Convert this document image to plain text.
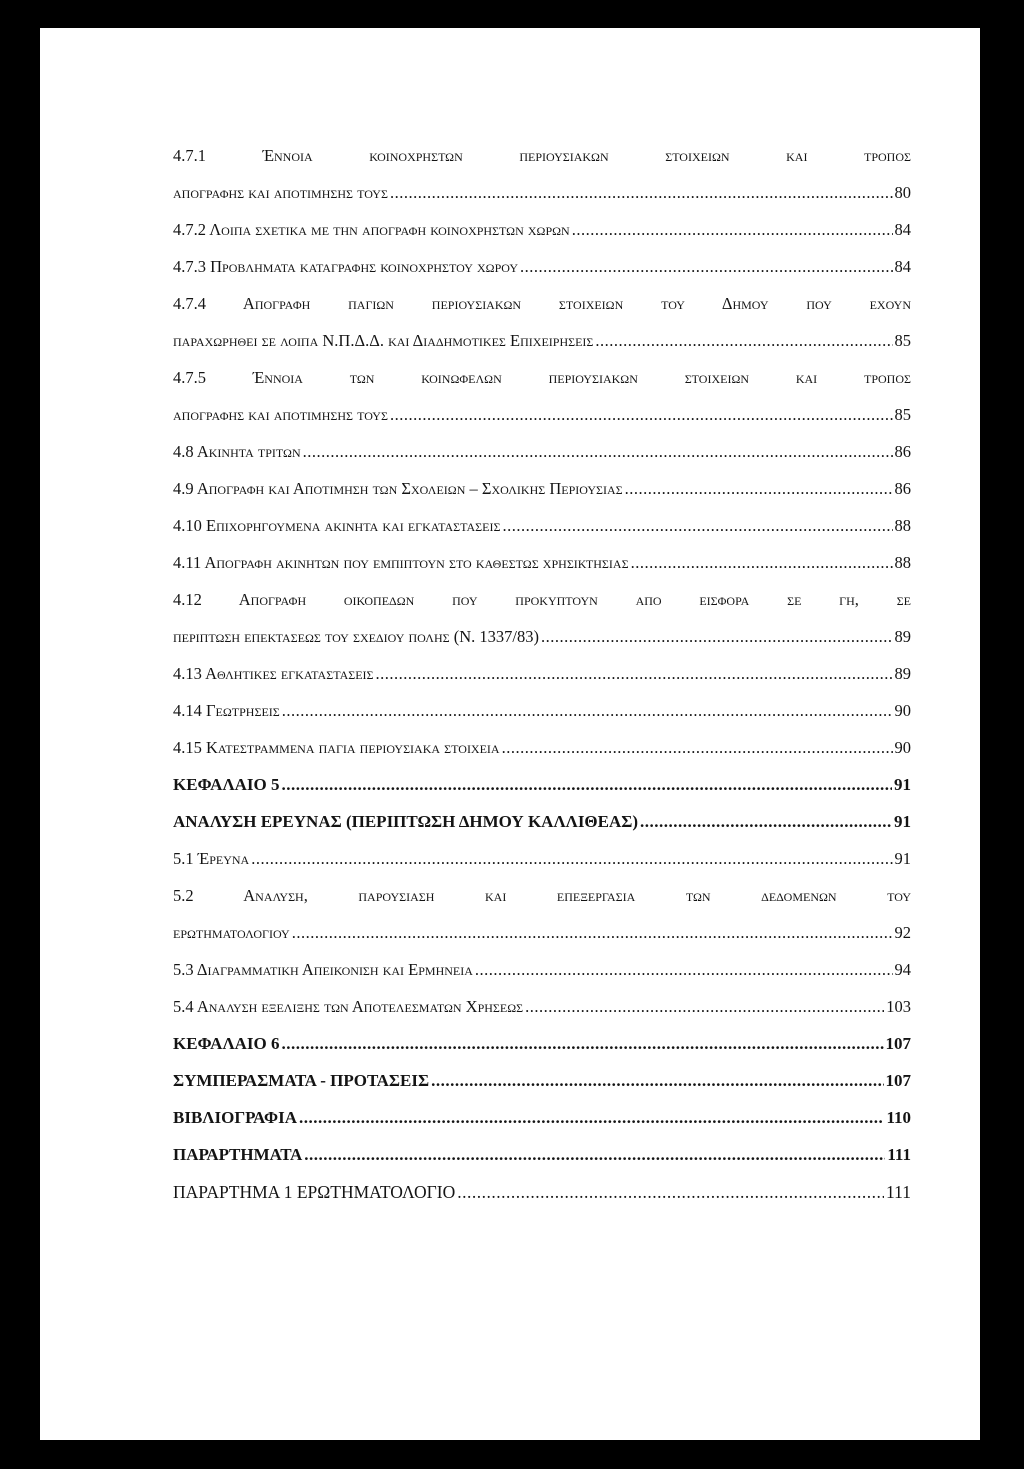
4.7.1 Έννοια κοινοχρηστων περιουσιακων στοιχειων και τροπος
απογραφης και αποτιμησης τους .....	80
4.7.2 Λοιπα σχετικα με την απογραφη κοινοχρηστων χωρων .....	84
4.7.3 Προβληματα καταγραφης κοινοχρηστου χωρου .....	84
4.7.4 Απογραφη παγιων περιουσιακων στοιχειων του Δημου που εχουν
παραχωρηθει σε λοιπα Ν.Π.Δ.Δ. και Διαδημοτικες Επιχειρησεις .....	85
4.7.5 Έννοια των κοινωφελων περιουσιακων στοιχειων και τροπος
απογραφης και αποτιμησης τους .....	85
4.8 Ακινητα τριτων .....	86
4.9 Απογραφη και Αποτιμηση των Σχολειων – Σχολικης Περιουσιας .....	86
4.10 Επιχορηγουμενα ακινητα και εγκαταστασεις .....	88
4.11 Απογραφη ακινητων που εμπιπτουν στο καθεστως χρησικτησιας .....	88
4.12 Απογραφη οικοπεδων που προκυπτουν απο εισφορα σε γη, σε
περιπτωση επεκτασεως του σχεδιου πολης (Ν. 1337/83) .....	89
4.13 Αθλητικες εγκαταστασεις .....	89
4.14 Γεωτρησεις .....	90
4.15 Κατεστραμμενα παγια περιουσιακα στοιχεια .....	90
ΚΕΦΑΛΑΙΟ 5 .....	91
ΑΝΑΛΥΣΗ ΕΡΕΥΝΑΣ (ΠΕΡΙΠΤΩΣΗ ΔΗΜΟΥ ΚΑΛΛΙΘΕΑΣ) .....	91
5.1 Έρευνα .....	91
5.2 Αναλυση, παρουσιαση και επεξεργασια των δεδομενων του
ερωτηματολογιου .....	92
5.3 Διαγραμματικη Απεικονιση και Ερμηνεια .....	94
5.4 Αναλυση εξελιξης των Αποτελεσματων Χρησεως .....	103
ΚΕΦΑΛΑΙΟ 6 .....	107
ΣΥΜΠΕΡΑΣΜΑΤΑ - ΠΡΟΤΑΣΕΙΣ .....	107
ΒΙΒΛΙΟΓΡΑΦΙΑ .....	110
ΠΑΡΑΡΤΗΜΑΤΑ .....	111
ΠΑΡΑΡΤΗΜΑ 1 ΕΡΩΤΗΜΑΤΟΛΟΓΙΟ .....	111
